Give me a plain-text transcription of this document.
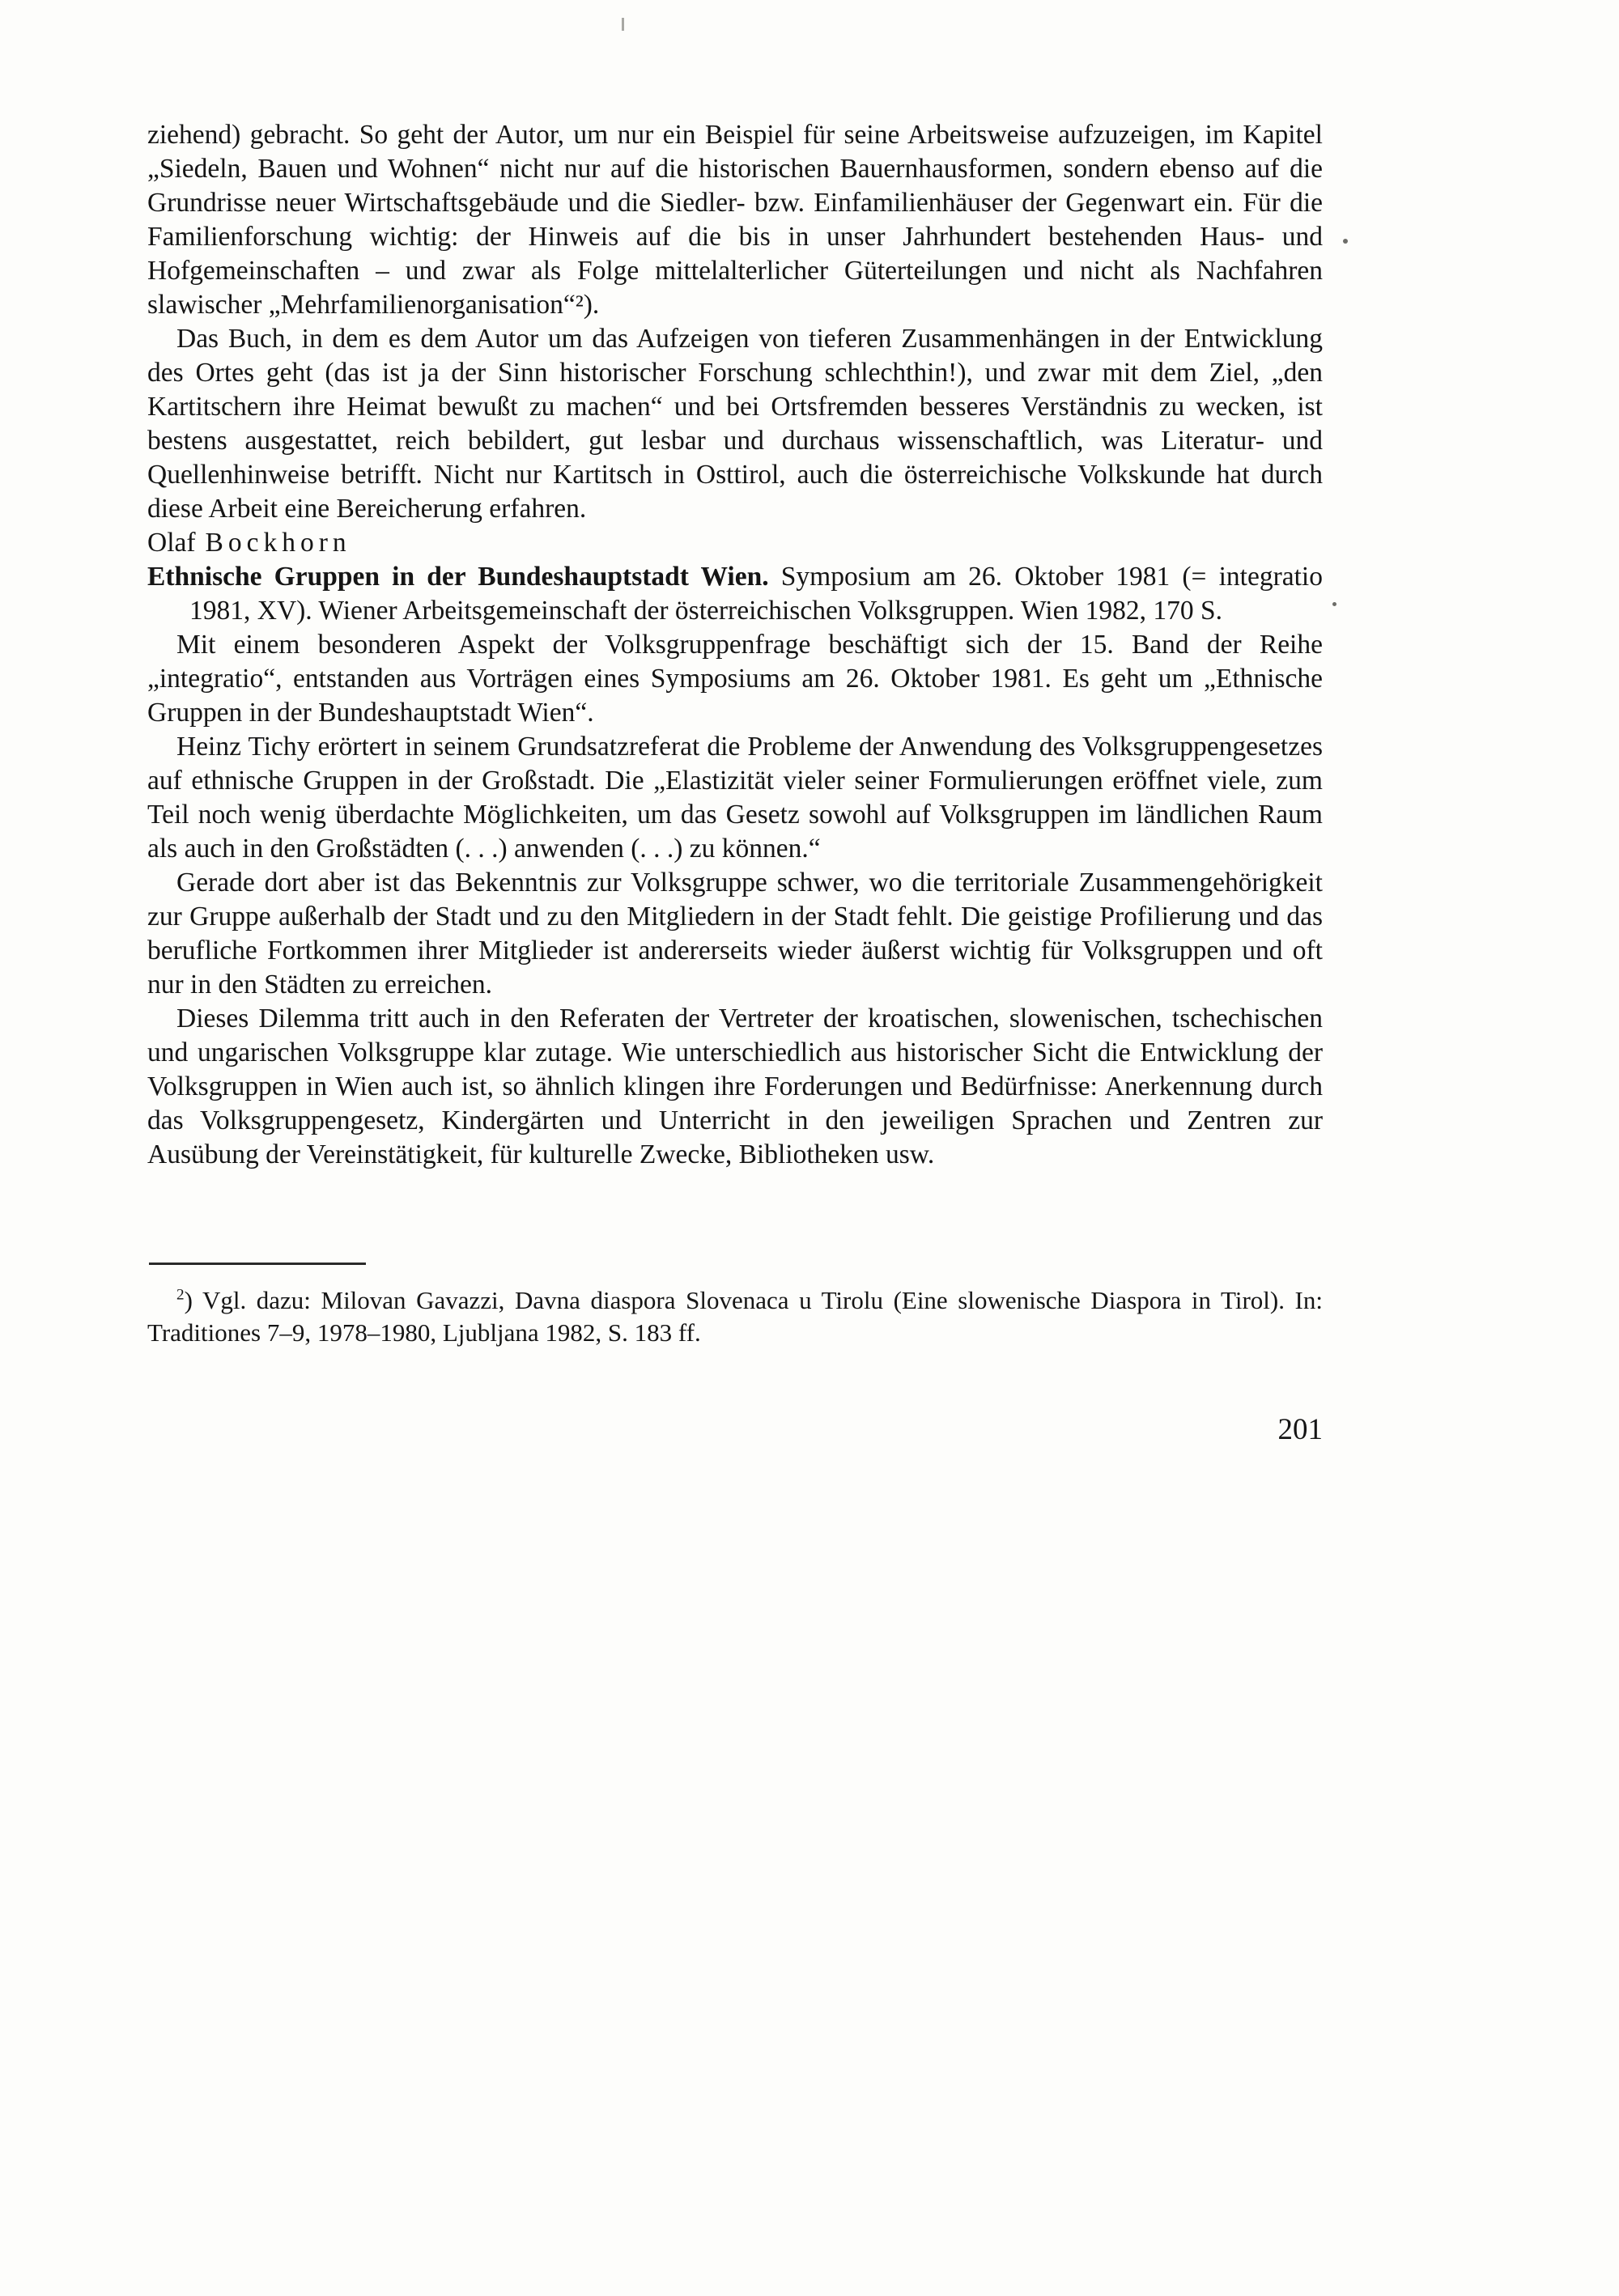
ziehend) gebracht. So geht der Autor, um nur ein Beispiel für seine Arbeitsweise aufzuzeigen, im Kapitel „Siedeln, Bauen und Wohnen“ nicht nur auf die historischen Bauernhausformen, sondern ebenso auf die Grundrisse neuer Wirtschaftsgebäude und die Siedler- bzw. Einfamilienhäuser der Gegenwart ein. Für die Familienforschung wichtig: der Hinweis auf die bis in unser Jahrhundert bestehenden Haus- und Hofgemeinschaften – und zwar als Folge mittelalterlicher Güterteilungen und nicht als Nachfahren slawischer „Mehrfamilienorganisation“²).

Das Buch, in dem es dem Autor um das Aufzeigen von tieferen Zusammenhängen in der Entwicklung des Ortes geht (das ist ja der Sinn historischer Forschung schlechthin!), und zwar mit dem Ziel, „den Kartitschern ihre Heimat bewußt zu machen“ und bei Ortsfremden besseres Verständnis zu wecken, ist bestens ausgestattet, reich bebildert, gut lesbar und durchaus wissenschaftlich, was Literatur- und Quellenhinweise betrifft. Nicht nur Kartitsch in Osttirol, auch die österreichische Volkskunde hat durch diese Arbeit eine Bereicherung erfahren.

Olaf Bockhorn

Ethnische Gruppen in der Bundeshauptstadt Wien. Symposium am 26. Oktober 1981 (= integratio 1981, XV). Wiener Arbeitsgemeinschaft der österreichischen Volksgruppen. Wien 1982, 170 S.

Mit einem besonderen Aspekt der Volksgruppenfrage beschäftigt sich der 15. Band der Reihe „integratio“, entstanden aus Vorträgen eines Symposiums am 26. Oktober 1981. Es geht um „Ethnische Gruppen in der Bundeshauptstadt Wien“.

Heinz Tichy erörtert in seinem Grundsatzreferat die Probleme der Anwendung des Volksgruppengesetzes auf ethnische Gruppen in der Großstadt. Die „Elastizität vieler seiner Formulierungen eröffnet viele, zum Teil noch wenig überdachte Möglichkeiten, um das Gesetz sowohl auf Volksgruppen im ländlichen Raum als auch in den Großstädten (. . .) anwenden (. . .) zu können.“

Gerade dort aber ist das Bekenntnis zur Volksgruppe schwer, wo die territoriale Zusammengehörigkeit zur Gruppe außerhalb der Stadt und zu den Mitgliedern in der Stadt fehlt. Die geistige Profilierung und das berufliche Fortkommen ihrer Mitglieder ist andererseits wieder äußerst wichtig für Volksgruppen und oft nur in den Städten zu erreichen.

Dieses Dilemma tritt auch in den Referaten der Vertreter der kroatischen, slowenischen, tschechischen und ungarischen Volksgruppe klar zutage. Wie unterschiedlich aus historischer Sicht die Entwicklung der Volksgruppen in Wien auch ist, so ähnlich klingen ihre Forderungen und Bedürfnisse: Anerkennung durch das Volksgruppengesetz, Kindergärten und Unterricht in den jeweiligen Sprachen und Zentren zur Ausübung der Vereinstätigkeit, für kulturelle Zwecke, Bibliotheken usw.

$^2$) Vgl. dazu: Milovan Gavazzi, Davna diaspora Slovenaca u Tirolu (Eine slowenische Diaspora in Tirol). In: Traditiones 7–9, 1978–1980, Ljubljana 1982, S. 183 ff.

201
